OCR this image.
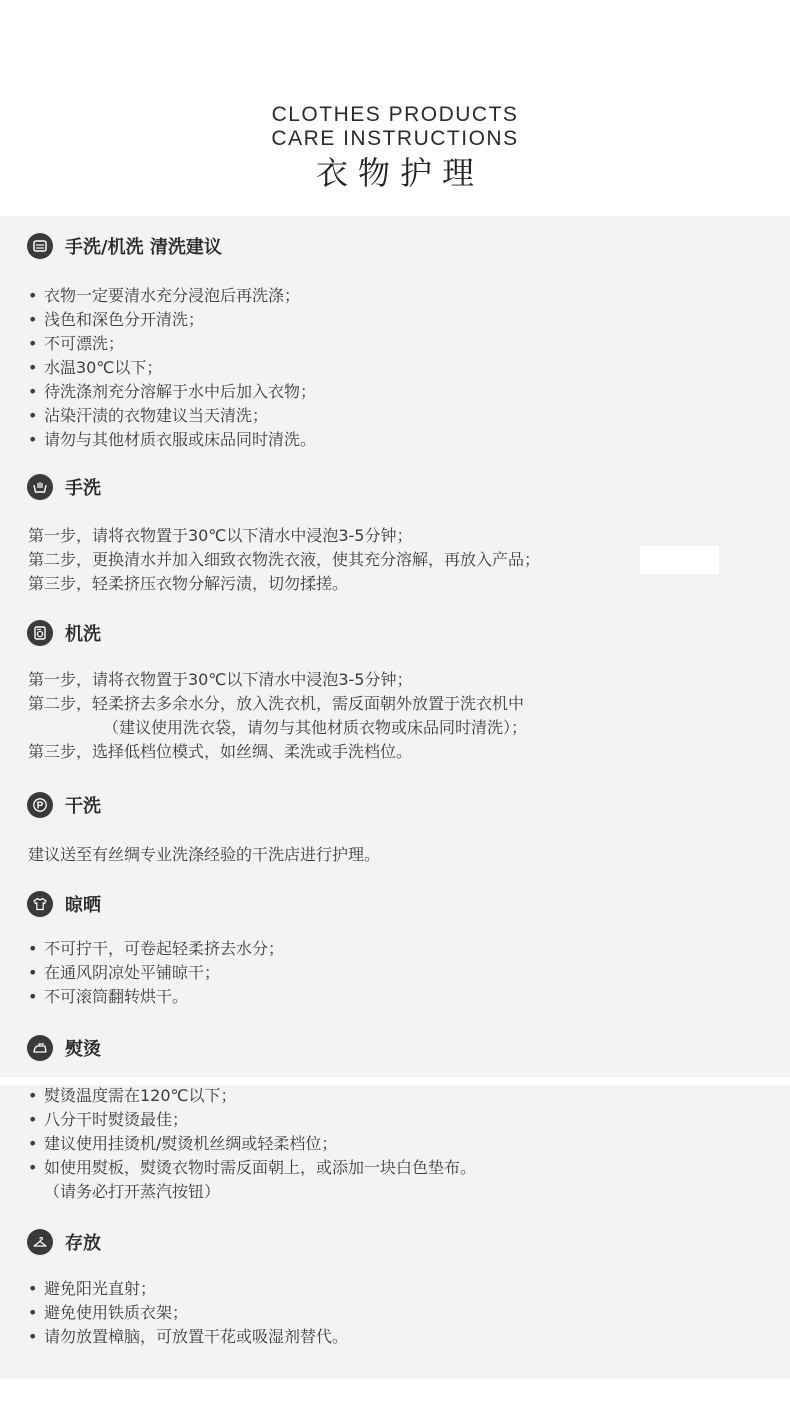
CLOTHES PRODUCTS
CARE INSTRUCTIONS
衣物护理
手洗/机洗 清洗建议
• 衣物一定要清水充分浸泡后再洗涤；
• 浅色和深色分开清洗；
• 不可漂洗；
• 水温30℃以下；
• 待洗涤剂充分溶解于水中后加入衣物；
• 沾染汗渍的衣物建议当天清洗；
• 请勿与其他材质衣服或床品同时清洗。
手洗
第一步，请将衣物置于30℃以下清水中浸泡3-5分钟；
第二步，更换清水并加入细致衣物洗衣液，使其充分溶解，再放入产品；
第三步，轻柔挤压衣物分解污渍，切勿揉搓。
机洗
第一步，请将衣物置于30℃以下清水中浸泡3-5分钟；
第二步，轻柔挤去多余水分，放入洗衣机，需反面朝外放置于洗衣机中
（建议使用洗衣袋，请勿与其他材质衣物或床品同时清洗）；
第三步，选择低档位模式，如丝绸、柔洗或手洗档位。
P 干洗
建议送至有丝绸专业洗涤经验的干洗店进行护理。
晾晒
• 不可拧干，可卷起轻柔挤去水分；
• 在通风阴凉处平铺晾干；
• 不可滚筒翻转烘干。
熨烫
• 熨烫温度需在120℃以下；
• 八分干时熨烫最佳；
• 建议使用挂烫机/熨烫机丝绸或轻柔档位；
• 如使用熨板，熨烫衣物时需反面朝上，或添加一块白色垫布。
（请务必打开蒸汽按钮）
存放
• 避免阳光直射；
• 避免使用铁质衣架；
• 请勿放置樟脑，可放置干花或吸湿剂替代。
